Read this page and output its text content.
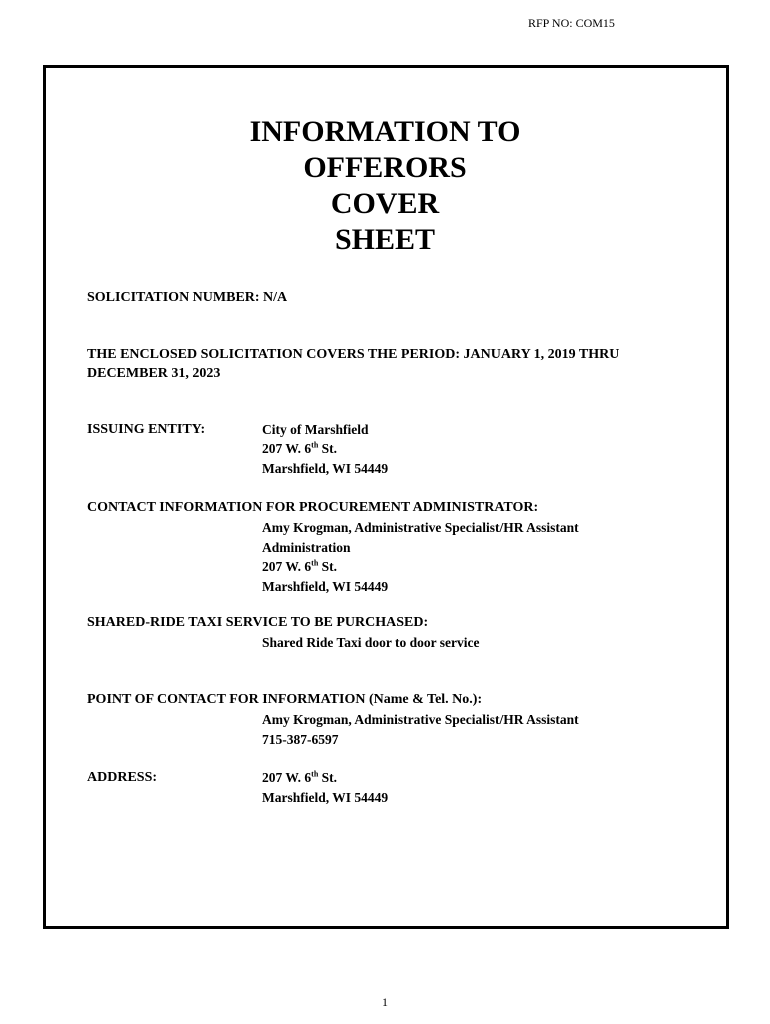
RFP NO: COM15
INFORMATION TO
OFFERORS
COVER
SHEET
SOLICITATION NUMBER: N/A
THE ENCLOSED SOLICITATION COVERS THE PERIOD: JANUARY 1, 2019 THRU
DECEMBER 31, 2023
ISSUING ENTITY:	City of Marshfield
207 W. 6th St.
Marshfield, WI 54449
CONTACT INFORMATION FOR PROCUREMENT ADMINISTRATOR:
Amy Krogman, Administrative Specialist/HR Assistant
Administration
207 W. 6th St.
Marshfield, WI 54449
SHARED-RIDE TAXI SERVICE TO BE PURCHASED:
Shared Ride Taxi door to door service
POINT OF CONTACT FOR INFORMATION (Name & Tel. No.):
Amy Krogman, Administrative Specialist/HR Assistant
715-387-6597
ADDRESS:	207 W. 6th St.
Marshfield, WI 54449
1
